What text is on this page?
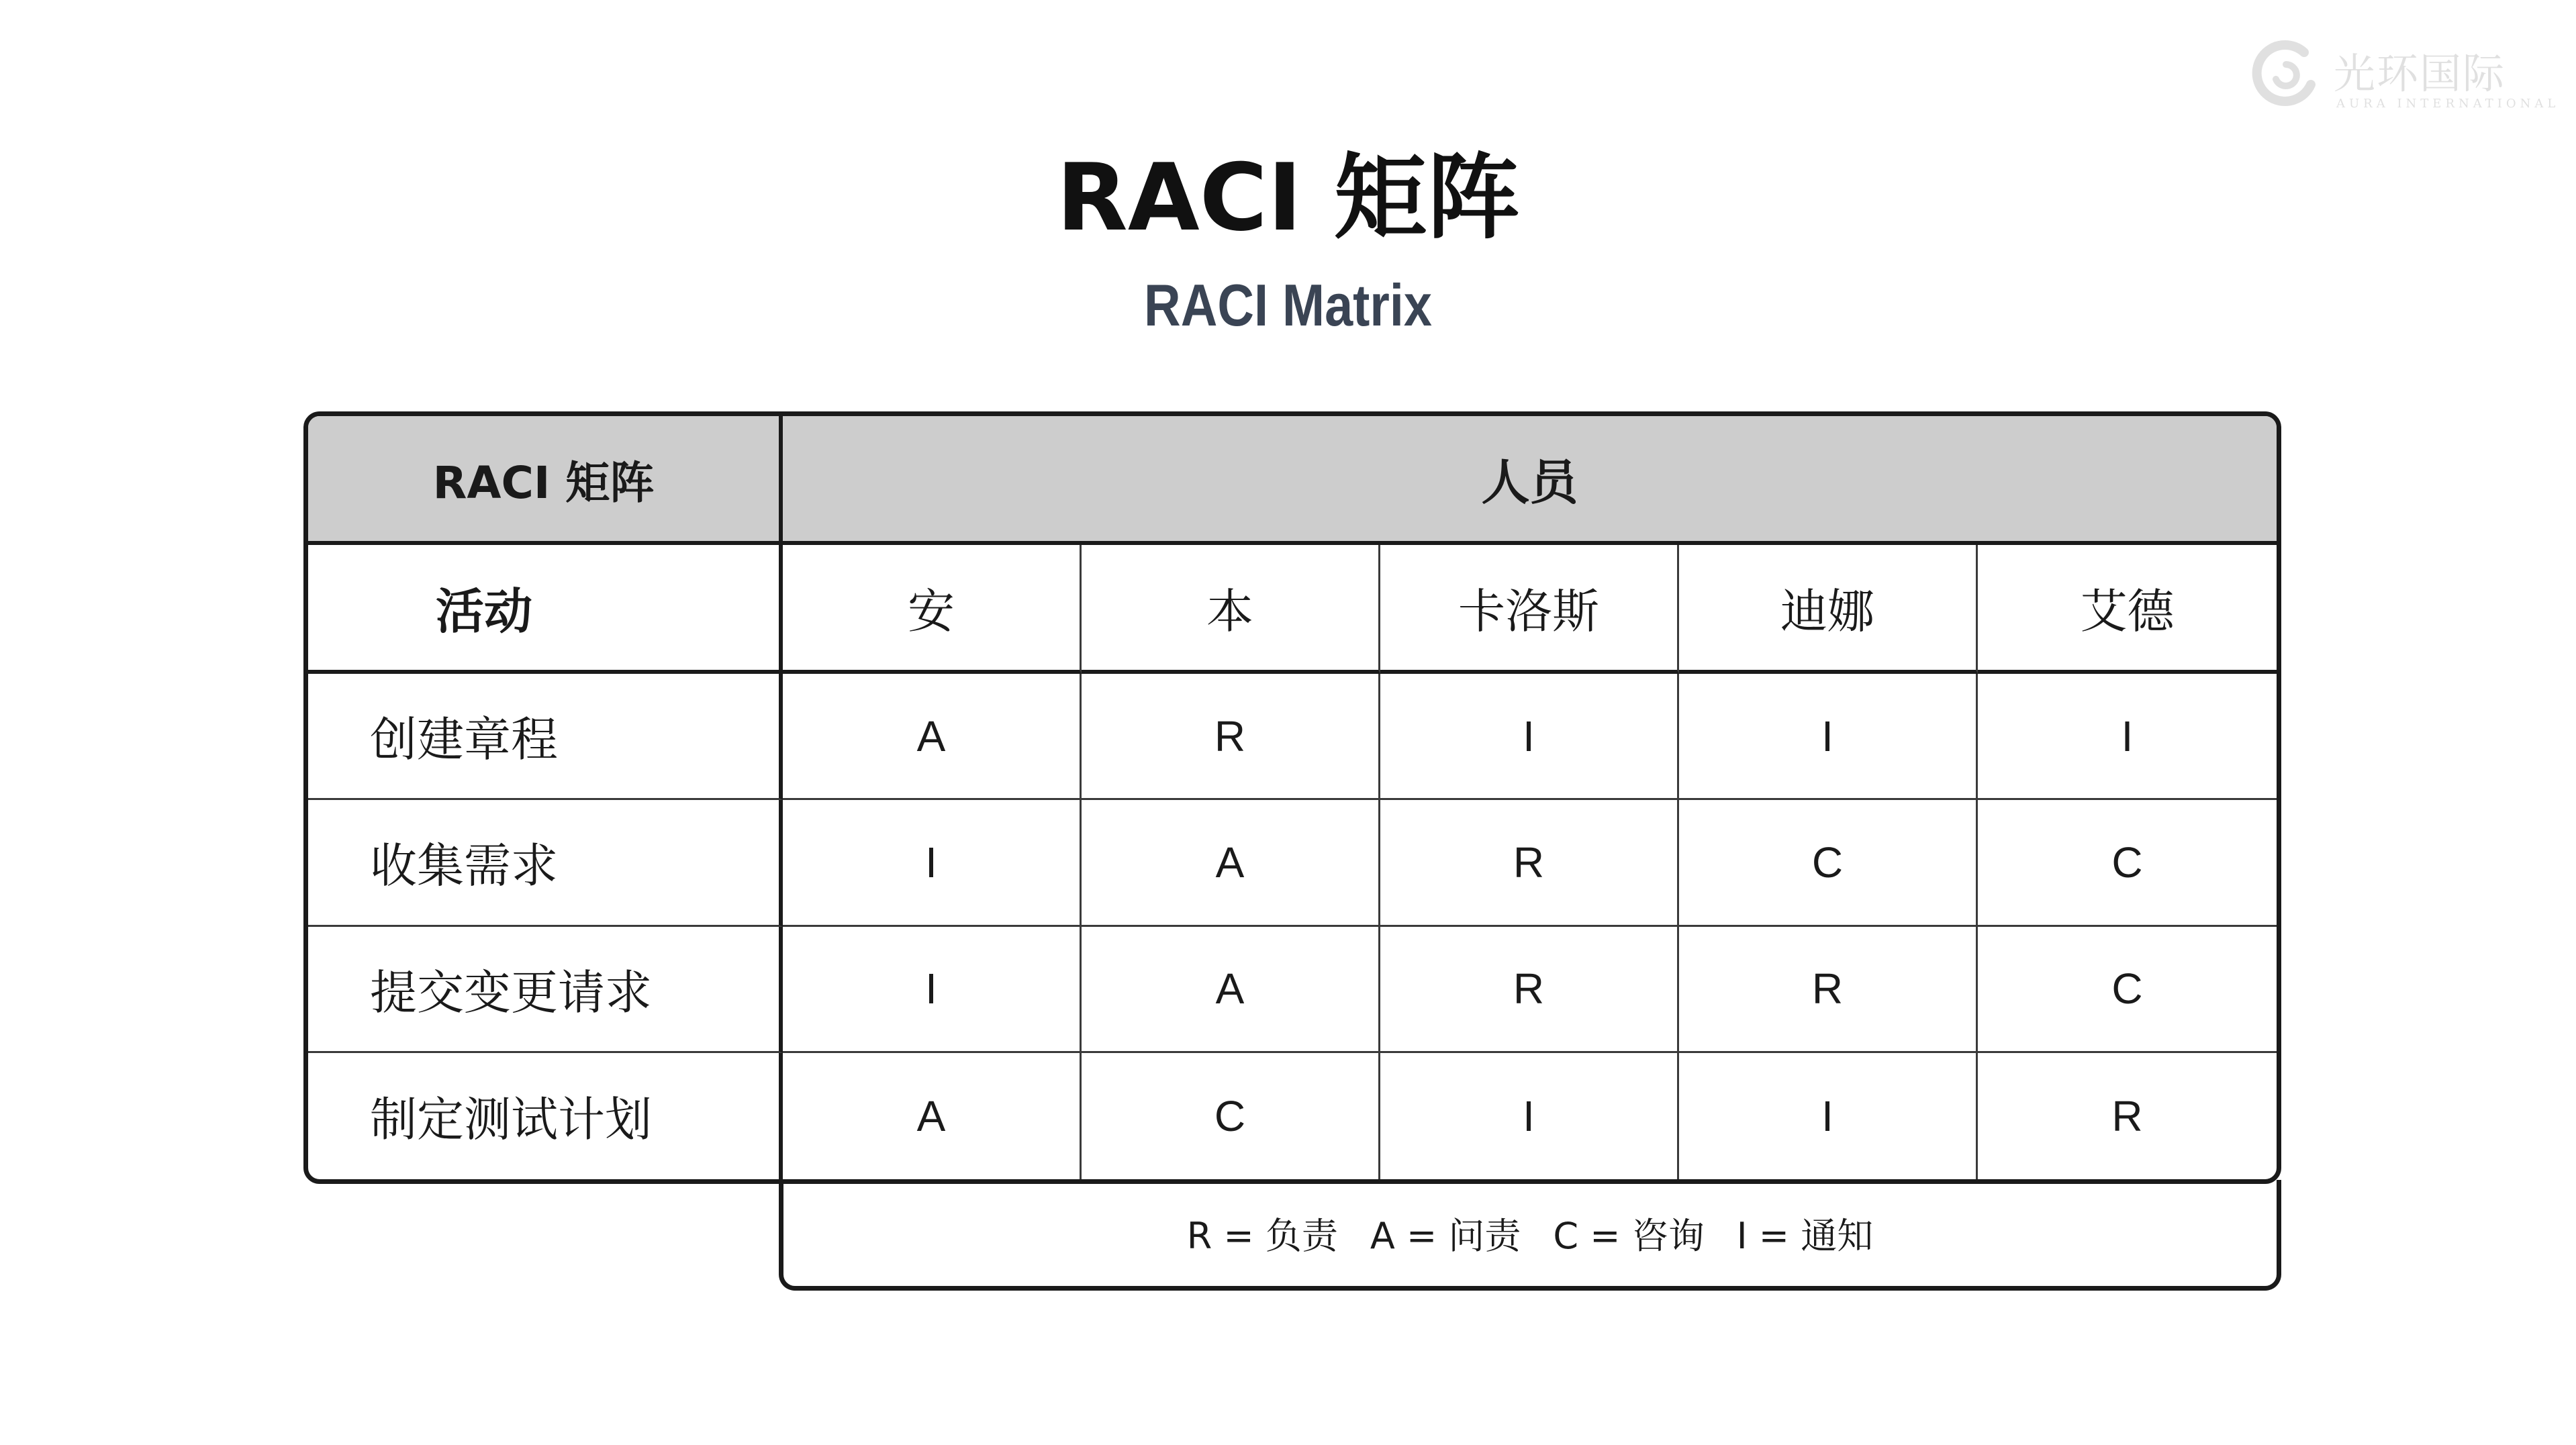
光环国际
AURA INTERNATIONAL
RACI 矩阵
RACI Matrix
RACI 矩阵	人员
活动	安	本	卡洛斯	迪娜	艾德
创建章程	A	R	I	I	I
收集需求	I	A	R	C	C
提交变更请求	I	A	R	R	C
制定测试计划	A	C	I	I	R
R = 负责 A = 问责 C = 咨询 I = 通知
